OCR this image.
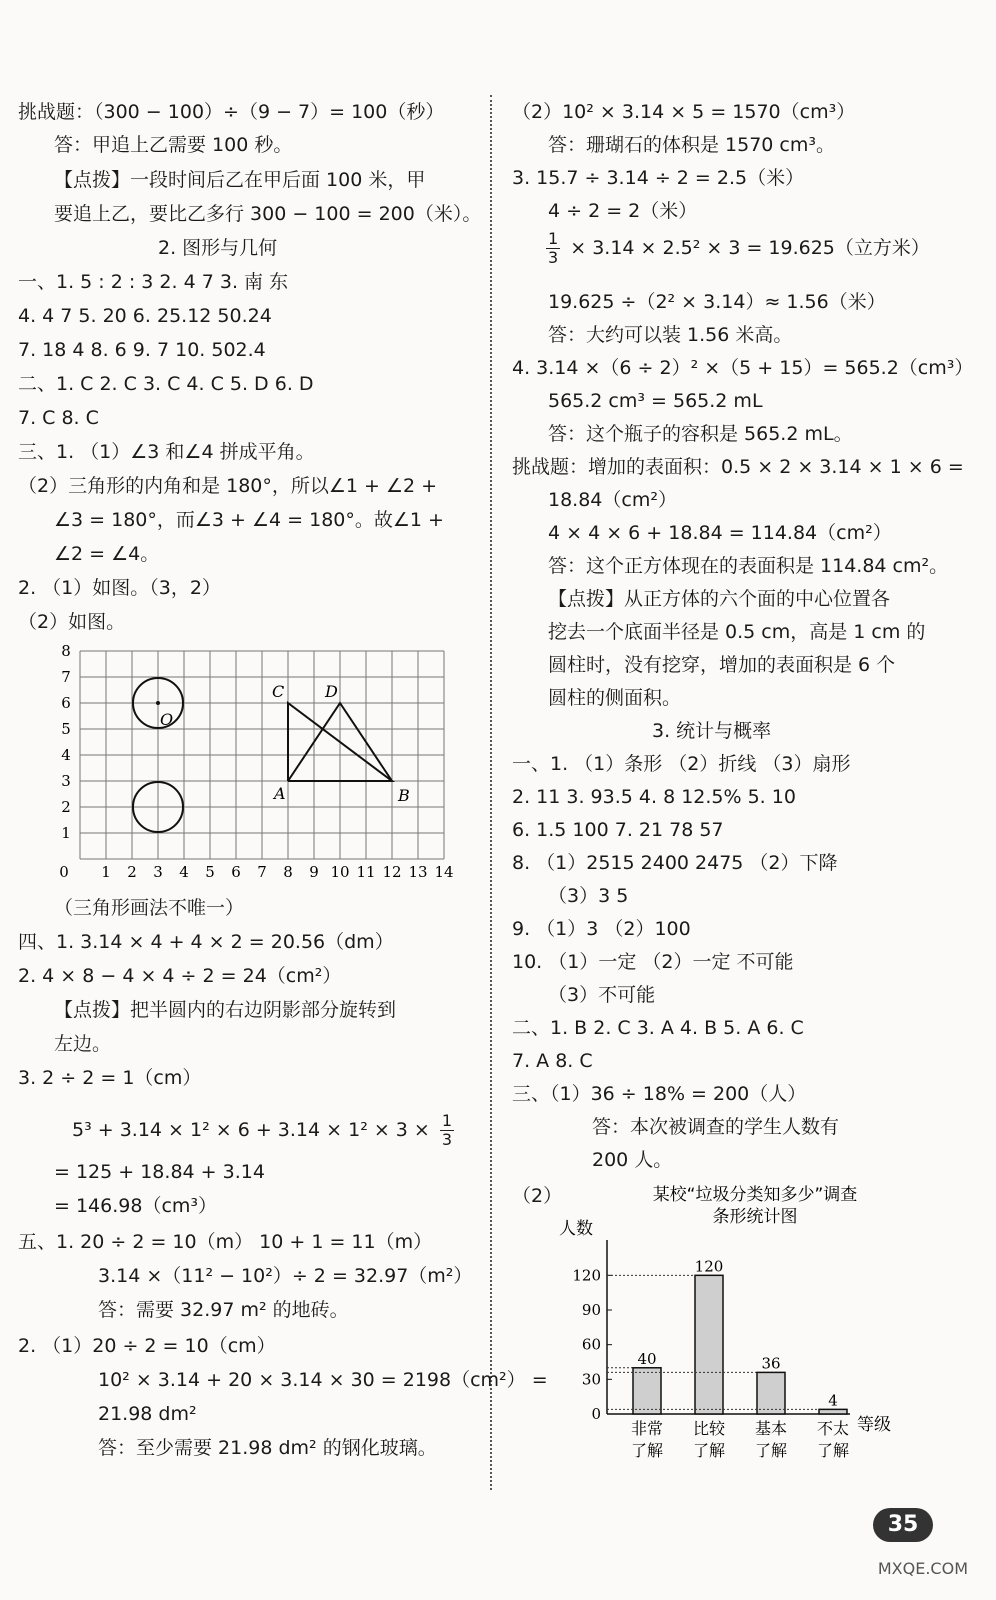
挑战题：（300 − 100）÷（9 − 7）= 100（秒）
答：甲追上乙需要 100 秒。
【点拨】一段时间后乙在甲后面 100 米，甲
要追上乙，要比乙多行 300 − 100 = 200（米）。
2. 图形与几何
一、1. 5 : 2 : 3 2. 4 7 3. 南 东
4. 4 7 5. 20 6. 25.12 50.24
7. 18 4 8. 6 9. 7 10. 502.4
二、1. C 2. C 3. C 4. C 5. D 6. D
7. C 8. C
三、1. （1）∠3 和∠4 拼成平角。
（2）三角形的内角和是 180°，所以∠1 + ∠2 +
∠3 = 180°，而∠3 + ∠4 = 180°。故∠1 +
∠2 = ∠4。
2. （1）如图。（3，2）
（2）如图。
（三角形画法不唯一）
四、1. 3.14 × 4 + 4 × 2 = 20.56（dm）
2. 4 × 8 − 4 × 4 ÷ 2 = 24（cm²）
【点拨】把半圆内的右边阴影部分旋转到
左边。
3. 2 ÷ 2 = 1（cm）
= 125 + 18.84 + 3.14
= 146.98（cm³）
五、1. 20 ÷ 2 = 10（m） 10 + 1 = 11（m）
3.14 ×（11² − 10²）÷ 2 = 32.97（m²）
答：需要 32.97 m² 的地砖。
2. （1）20 ÷ 2 = 10（cm）
10² × 3.14 + 20 × 3.14 × 30 = 2198（cm²） =
21.98 dm²
答：至少需要 21.98 dm² 的钢化玻璃。
$5^3 + 3.14 \times 1^2 \times 6 + 3.14 \times 1^2 \times 3 \times \frac{1}{3}$
0 1 2 3 4 5 6 7 8 9 10 11 12 13 14
1
2
3
4
5
6
7
8
O
C	D
A	B
（2）10² × 3.14 × 5 = 1570（cm³）
答：珊瑚石的体积是 1570 cm³。
3. 15.7 ÷ 3.14 ÷ 2 = 2.5（米）
4 ÷ 2 = 2（米）
19.625 ÷（2² × 3.14）≈ 1.56（米）
答：大约可以装 1.56 米高。
4. 3.14 ×（6 ÷ 2）² ×（5 + 15）= 565.2（cm³）
565.2 cm³ = 565.2 mL
答：这个瓶子的容积是 565.2 mL。
挑战题：增加的表面积：0.5 × 2 × 3.14 × 1 × 6 =
18.84（cm²）
4 × 4 × 6 + 18.84 = 114.84（cm²）
答：这个正方体现在的表面积是 114.84 cm²。
【点拨】从正方体的六个面的中心位置各
挖去一个底面半径是 0.5 cm，高是 1 cm 的
圆柱时，没有挖穿，增加的表面积是 6 个
圆柱的侧面积。
3. 统计与概率
一、1. （1）条形 （2）折线 （3）扇形
2. 11 3. 93.5 4. 8 12.5% 5. 10
6. 1.5 100 7. 21 78 57
8. （1）2515 2400 2475 （2）下降
（3）3 5
9. （1）3 （2）100
10. （1）一定 （2）一定 不可能
（3）不可能
二、1. B 2. C 3. A 4. B 5. A 6. C
7. A 8. C
三、（1）36 ÷ 18% = 200（人）
答：本次被调查的学生人数有
200 人。
（2）
$\frac{1}{3} \times 3.14 \times 2.5^2 \times 3 = 19.625$（立方米）
某校“垃圾分类知多少”调查
条形统计图
人数
等级
0
30
60
90
120
40
非常
了解
120
比较
了解
36
基本
了解
4
不太
了解
35
MXQE.COM
